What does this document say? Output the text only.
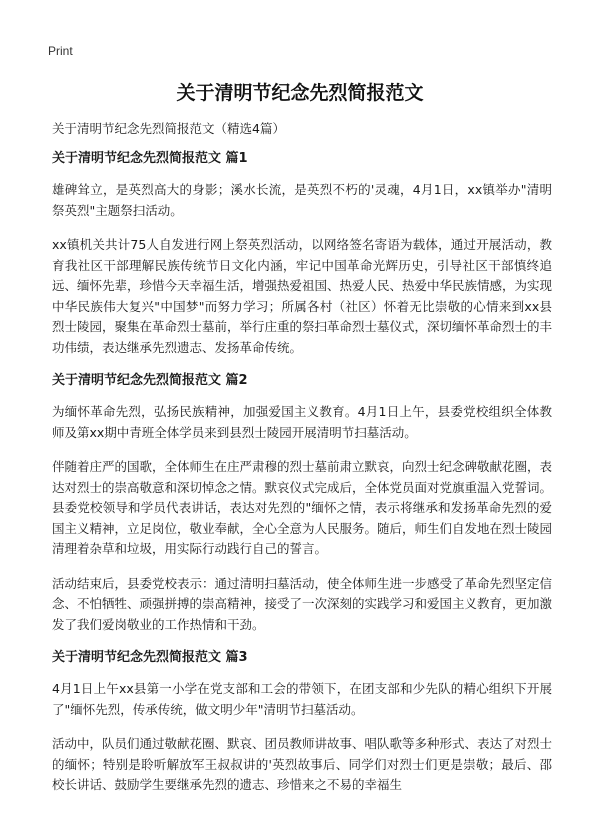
Print
关于清明节纪念先烈简报范文

关于清明节纪念先烈简报范文（精选4篇）

关于清明节纪念先烈简报范文 篇1

雄碑耸立，是英烈高大的身影；溪水长流，是英烈不朽的'灵魂，4月1日，xx镇举办"清明祭英烈"主题祭扫活动。

xx镇机关共计75人自发进行网上祭英烈活动，以网络签名寄语为载体，通过开展活动，教育我社区干部理解民族传统节日文化内涵，牢记中国革命光辉历史，引导社区干部慎终追远、缅怀先辈，珍惜今天幸福生活，增强热爱祖国、热爱人民、热爱中华民族情感，为实现中华民族伟大复兴"中国梦"而努力学习；所属各村（社区）怀着无比崇敬的心情来到xx县烈士陵园，聚集在革命烈士墓前，举行庄重的祭扫革命烈士墓仪式，深切缅怀革命烈士的丰功伟绩，表达继承先烈遗志、发扬革命传统。

关于清明节纪念先烈简报范文 篇2

为缅怀革命先烈，弘扬民族精神，加强爱国主义教育。4月1日上午，县委党校组织全体教师及第xx期中青班全体学员来到县烈士陵园开展清明节扫墓活动。

伴随着庄严的国歌，全体师生在庄严肃穆的烈士墓前肃立默哀，向烈士纪念碑敬献花圈，表达对烈士的崇高敬意和深切悼念之情。默哀仪式完成后，全体党员面对党旗重温入党誓词。县委党校领导和学员代表讲话，表达对先烈的"缅怀之情，表示将继承和发扬革命先烈的爱国主义精神，立足岗位，敬业奉献，全心全意为人民服务。随后，师生们自发地在烈士陵园清理着杂草和垃圾，用实际行动践行自己的誓言。

活动结束后，县委党校表示：通过清明扫墓活动，使全体师生进一步感受了革命先烈坚定信念、不怕牺牲、顽强拼搏的崇高精神，接受了一次深刻的实践学习和爱国主义教育，更加激发了我们爱岗敬业的工作热情和干劲。

关于清明节纪念先烈简报范文 篇3

4月1日上午xx县第一小学在党支部和工会的带领下，在团支部和少先队的精心组织下开展了"缅怀先烈，传承传统，做文明少年"清明节扫墓活动。

活动中，队员们通过敬献花圈、默哀、团员教师讲故事、唱队歌等多种形式、表达了对烈士的缅怀；特别是聆听解放军王叔叔讲的'英烈故事后、同学们对烈士们更是崇敬；最后、邵校长讲话、鼓励学生要继承先烈的遗志、珍惜来之不易的幸福生
